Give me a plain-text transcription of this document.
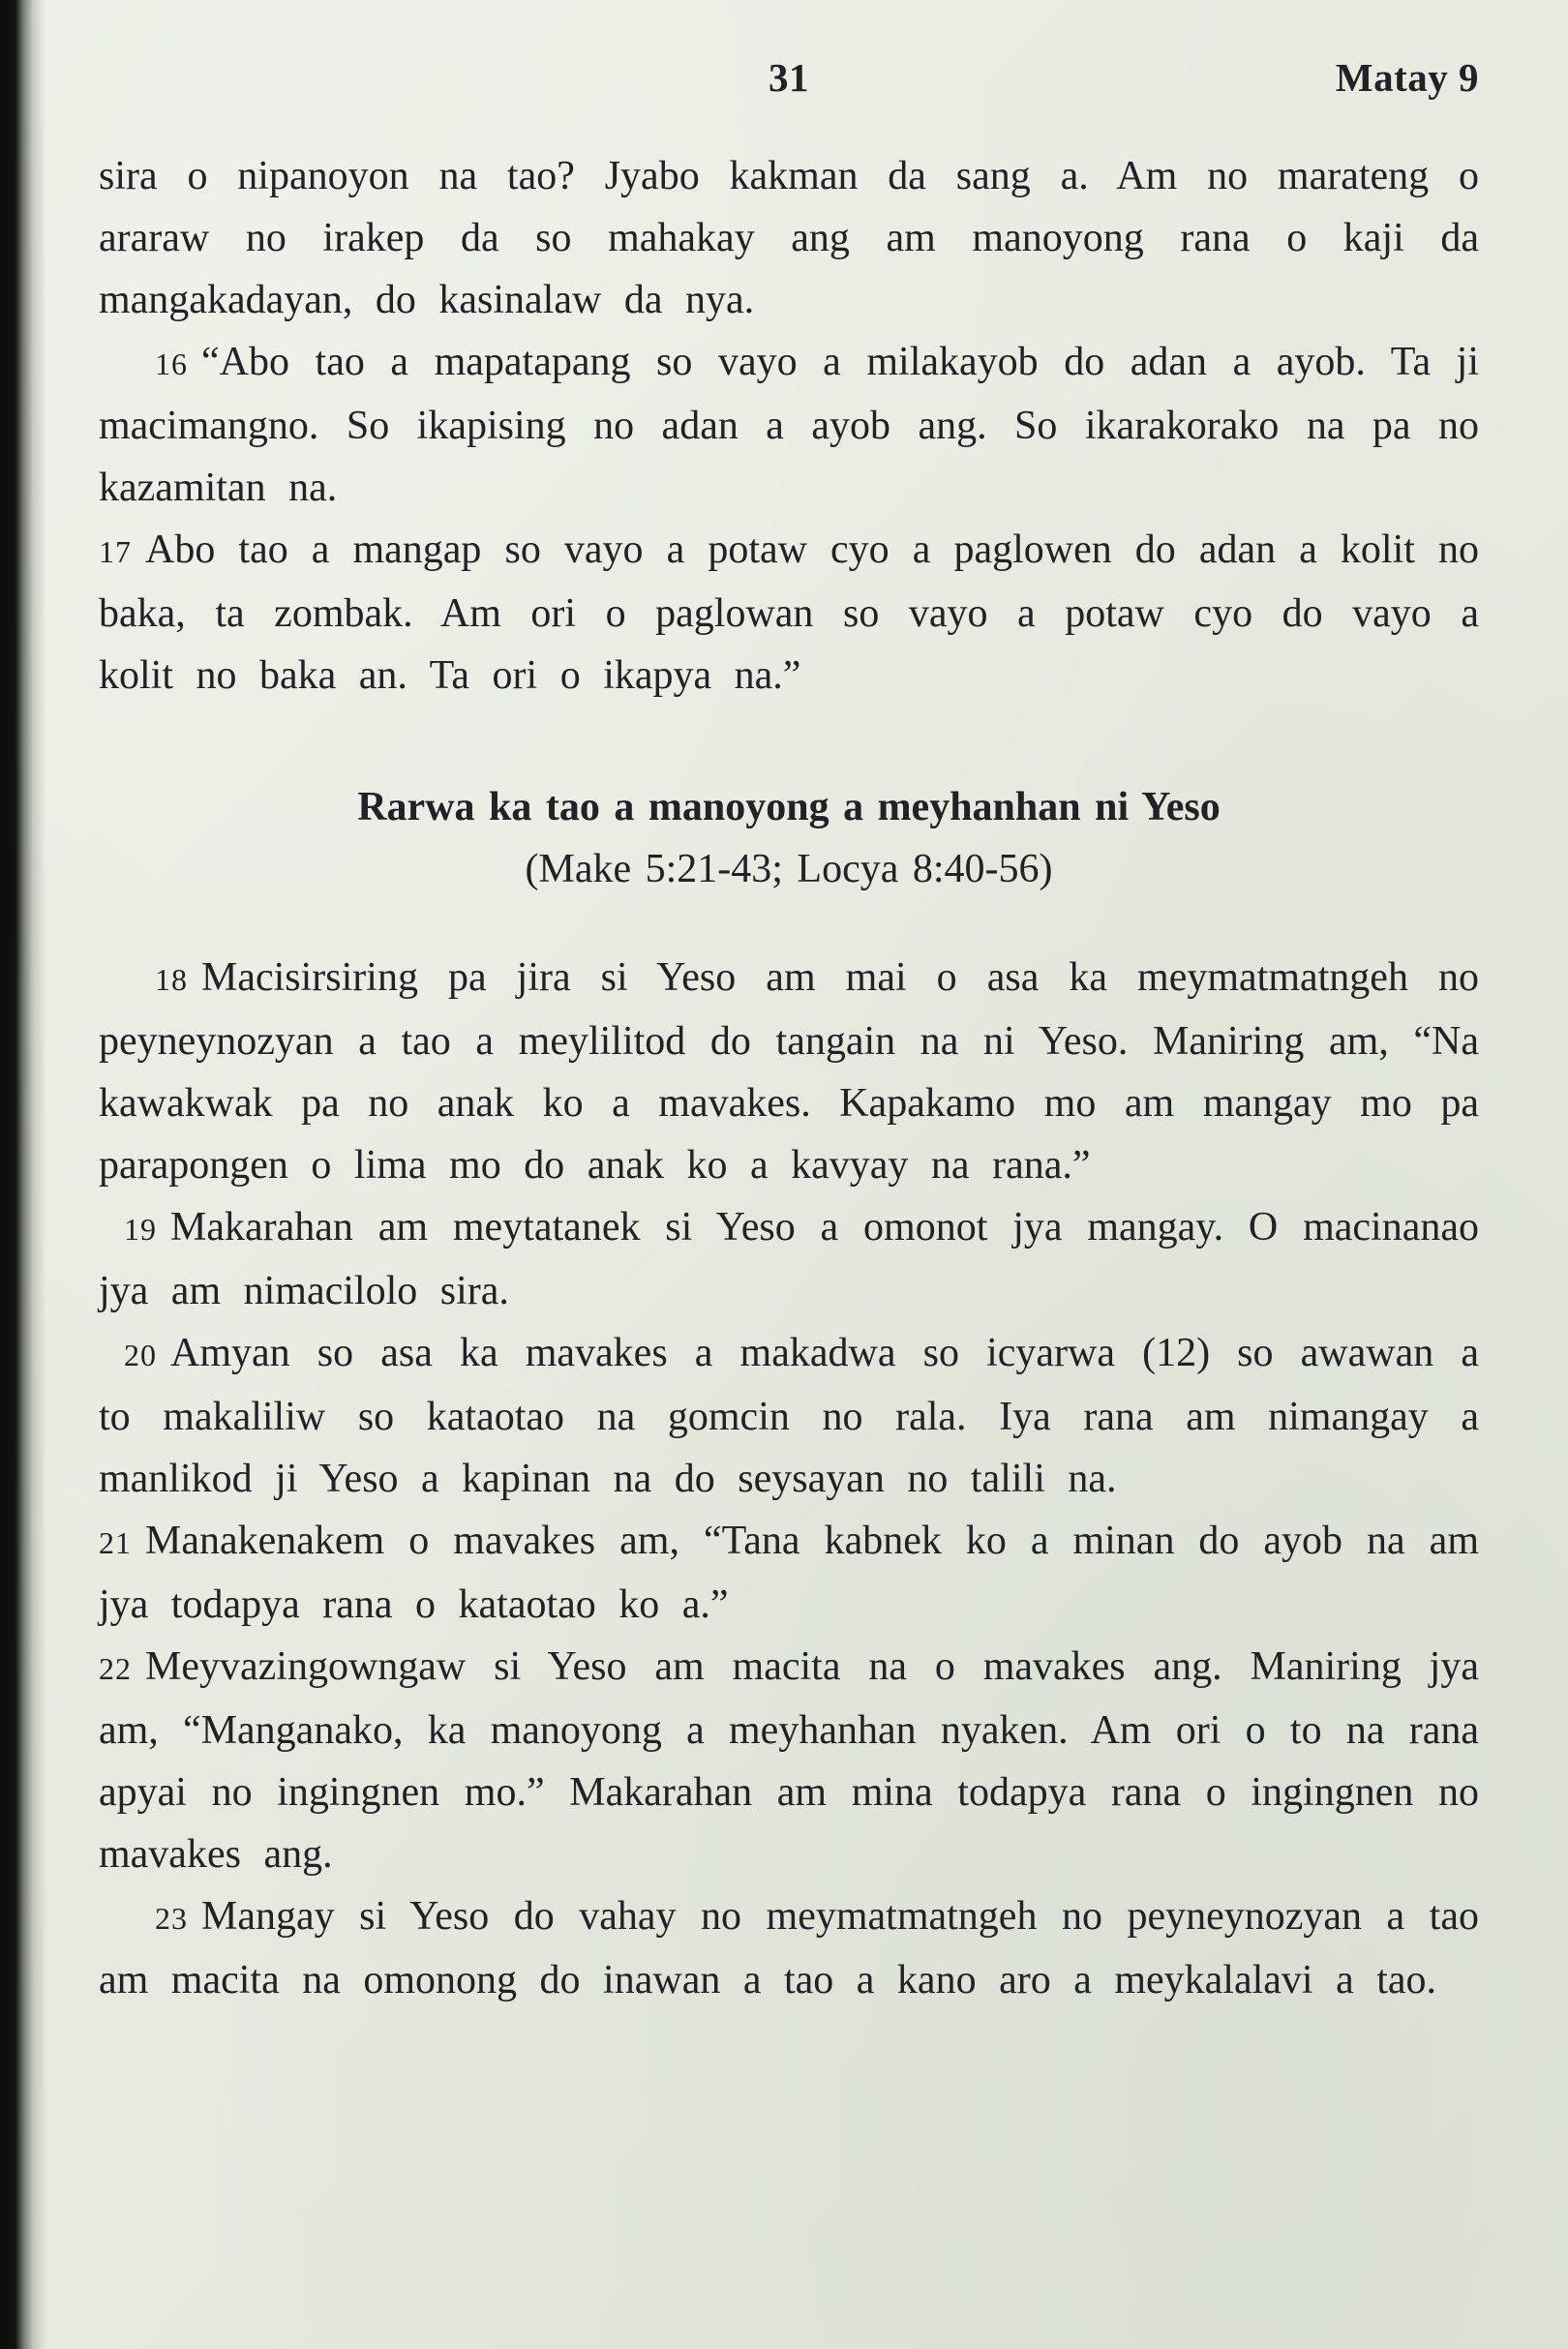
31	Matay 9

sira o nipanoyon na tao? Jyabo kakman da sang a. Am no marateng o araraw no irakep da so mahakay ang am manoyong rana o kaji da mangakadayan, do kasinalaw da nya.

16 “Abo tao a mapatapang so vayo a milakayob do adan a ayob. Ta ji macimangno. So ikapising no adan a ayob ang. So ikarakorako na pa no kazamitan na.

17 Abo tao a mangap so vayo a potaw cyo a paglowen do adan a kolit no baka, ta zombak. Am ori o paglowan so vayo a potaw cyo do vayo a kolit no baka an. Ta ori o ikapya na.”

Rarwa ka tao a manoyong a meyhanhan ni Yeso
(Make 5:21-43; Locya 8:40-56)

18 Macisirsiring pa jira si Yeso am mai o asa ka meymatmatngeh no peyneynozyan a tao a meylilitod do tangain na ni Yeso. Maniring am, “Na kawakwak pa no anak ko a mavakes. Kapakamo mo am mangay mo pa parapongen o lima mo do anak ko a kavyay na rana.”

19 Makarahan am meytatanek si Yeso a omonot jya mangay. O macinanao jya am nimacilolo sira.

20 Amyan so asa ka mavakes a makadwa so icyarwa (12) so awawan a to makaliliw so kataotao na gomcin no rala. Iya rana am nimangay a manlikod ji Yeso a kapinan na do seysayan no talili na.

21 Manakenakem o mavakes am, “Tana kabnek ko a minan do ayob na am jya todapya rana o kataotao ko a.”

22 Meyvazingowngaw si Yeso am macita na o mavakes ang. Maniring jya am, “Manganako, ka manoyong a meyhanhan nyaken. Am ori o to na rana apyai no ingingnen mo.” Makarahan am mina todapya rana o ingingnen no mavakes ang.

23 Mangay si Yeso do vahay no meymatmatngeh no peyneynozyan a tao am macita na omonong do inawan a tao a kano aro a meykalalavi a tao.
